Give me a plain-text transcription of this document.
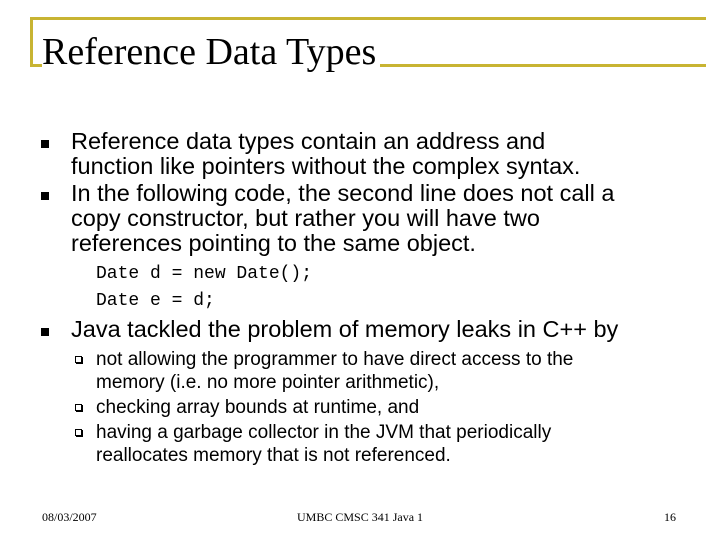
Reference Data Types
Reference data types contain an address and
function like pointers without the complex syntax.
In the following code, the second line does not call a
copy constructor, but rather you will have two
references pointing to the same object.
Date d = new Date();
Date e = d;
Java tackled the problem of memory leaks in C++ by
not allowing the programmer to have direct access to the
memory (i.e. no more pointer arithmetic),
checking array bounds at runtime, and
having a garbage collector in the JVM that periodically
reallocates memory that is not referenced.
08/03/2007	UMBC CMSC 341 Java 1	16
